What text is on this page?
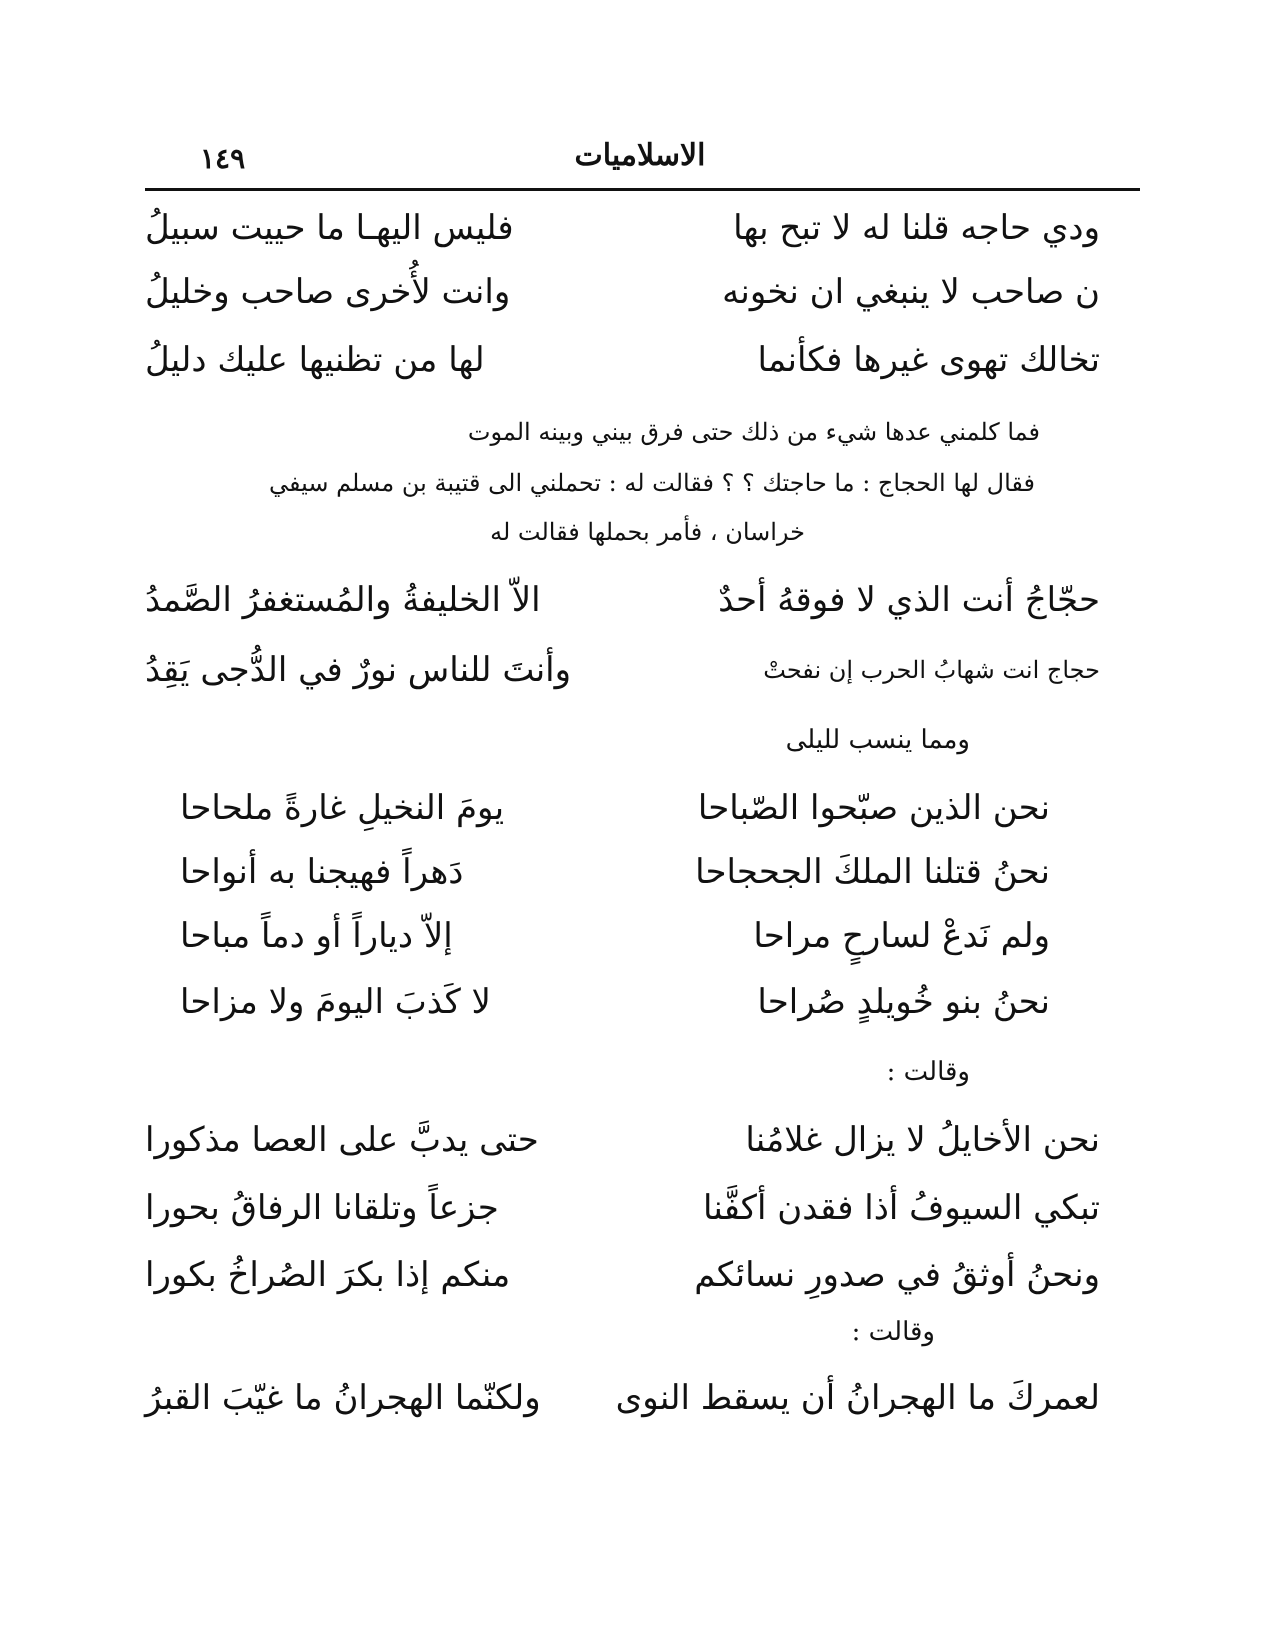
الاسلاميات
١٤٩
ودي حاجه قلنا له لا تبح بها
فليس اليهـا ما حييت سبيلُ
ن صاحب لا ينبغي ان نخونه
وانت لأُخرى صاحب وخليلُ
تخالك تهوى غيرها فكأنما
لها من تظنيها عليك دليلُ
فما كلمني عدها شيء من ذلك حتى فرق بيني وبينه الموت
فقال لها الحجاج : ما حاجتك ؟ ؟ فقالت له : تحملني الى قتيبة بن مسلم سيفي
خراسان ، فأمر بحملها فقالت له
حجّاجُ أنت الذي لا فوقهُ أحدٌ
الاّ الخليفةُ والمُستغفرُ الصَّمدُ
حجاج انت شهابُ الحرب إن نفحتْ
وأنتَ للناس نورٌ في الدُّجى يَقِدُ
ومما ينسب لليلى
نحن الذين صبّحوا الصّباحا
يومَ النخيلِ غارةً ملحاحا
نحنُ قتلنا الملكَ الجحجاحا
دَهراً فهيجنا به أنواحا
ولم نَدعْ لسارحٍ مراحا
إلاّ دياراً أو دماً مباحا
نحنُ بنو خُويلدٍ صُراحا
لا كَذبَ اليومَ ولا مزاحا
وقالت :
نحن الأخايلُ لا يزال غلامُنا
حتى يدبَّ على العصا مذكورا
تبكي السيوفُ أذا فقدن أكفَّنا
جزعاً وتلقانا الرفاقُ بحورا
ونحنُ أوثقُ في صدورِ نسائكم
منكم إذا بكرَ الصُراخُ بكورا
وقالت :
لعمركَ ما الهجرانُ أن يسقط النوى
ولكنّما الهجرانُ ما غيّبَ القبرُ
